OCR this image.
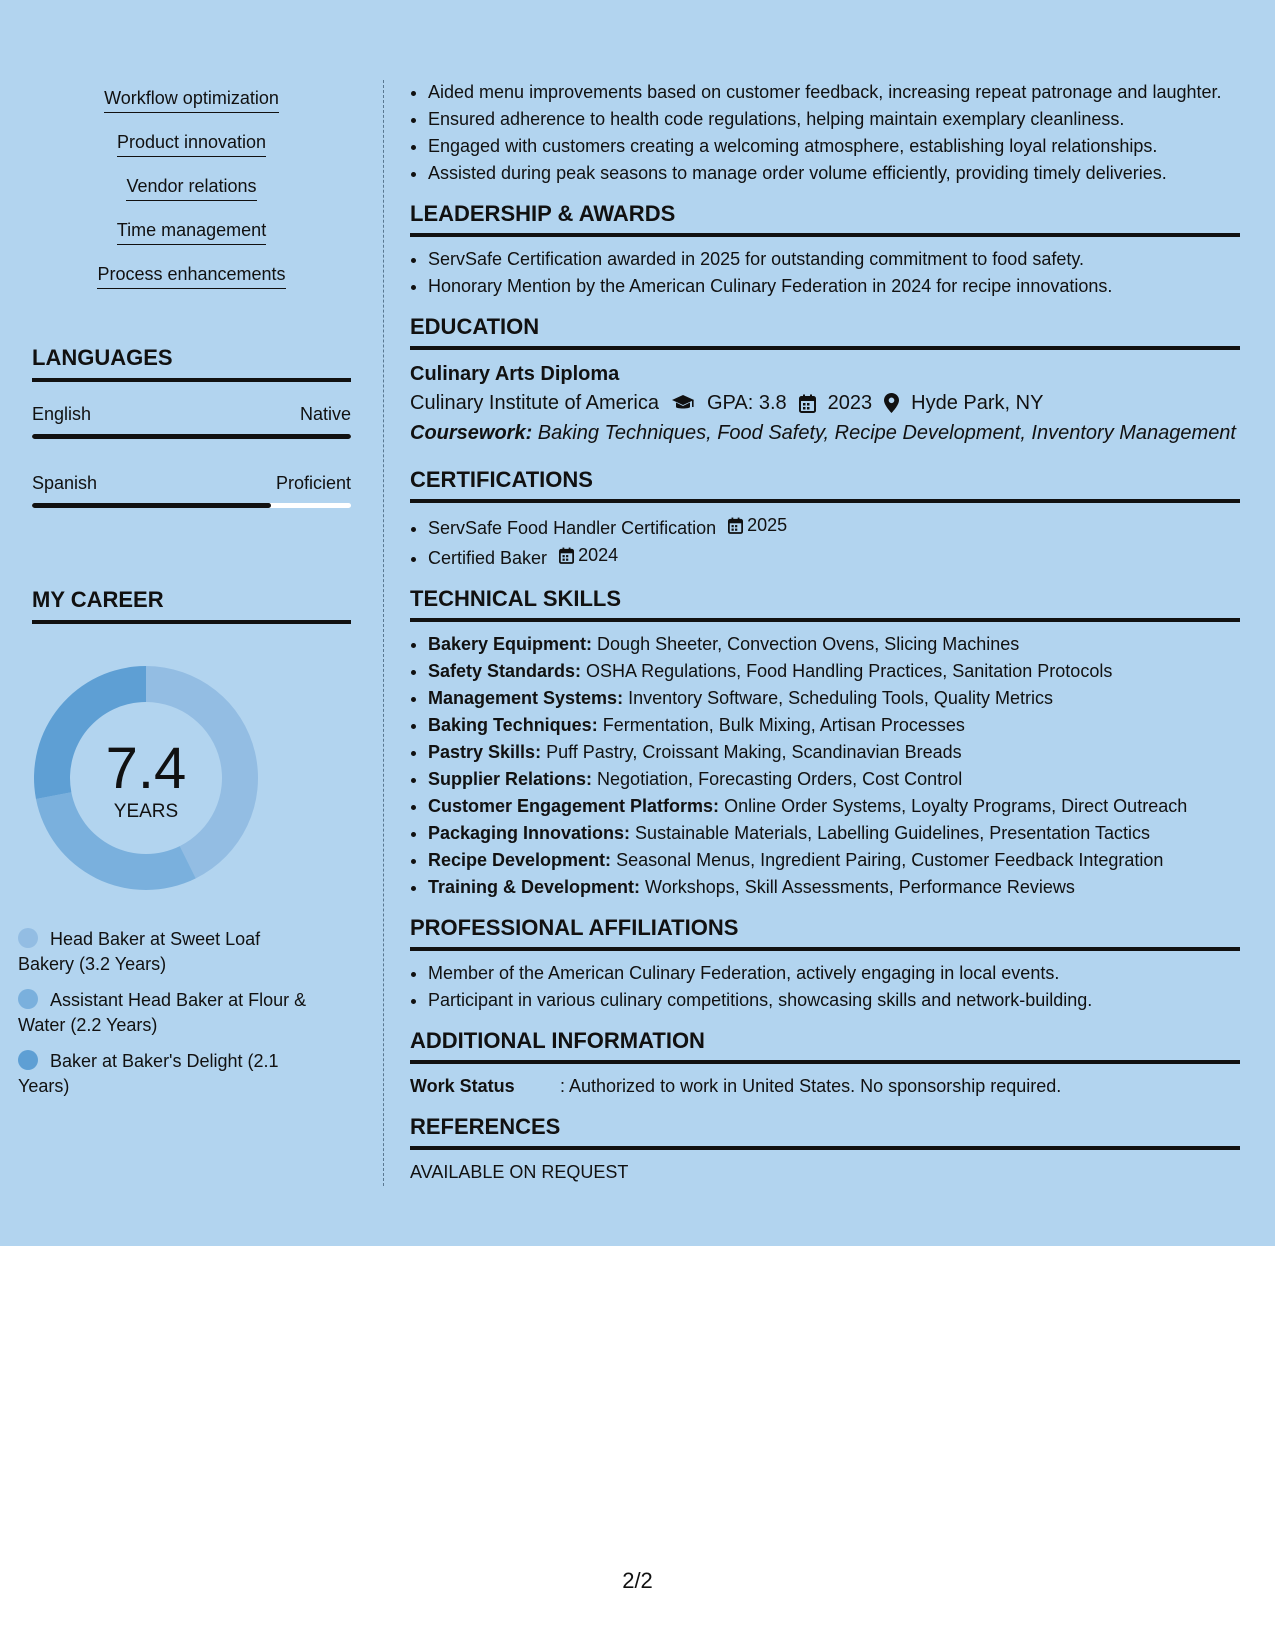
Workflow optimization
Product innovation
Vendor relations
Time management
Process enhancements
LANGUAGES
English	Native
Spanish	Proficient
MY CAREER
7.4
YEARS
Head Baker at Sweet Loaf Bakery (3.2 Years)
Assistant Head Baker at Flour & Water (2.2 Years)
Baker at Baker's Delight (2.1 Years)
• Aided menu improvements based on customer feedback, increasing repeat patronage and laughter.
• Ensured adherence to health code regulations, helping maintain exemplary cleanliness.
• Engaged with customers creating a welcoming atmosphere, establishing loyal relationships.
• Assisted during peak seasons to manage order volume efficiently, providing timely deliveries.
LEADERSHIP & AWARDS
• ServSafe Certification awarded in 2025 for outstanding commitment to food safety.
• Honorary Mention by the American Culinary Federation in 2024 for recipe innovations.
EDUCATION
Culinary Arts Diploma
Culinary Institute of America GPA: 3.8 2023 Hyde Park, NY
Coursework: Baking Techniques, Food Safety, Recipe Development, Inventory Management
CERTIFICATIONS
• ServSafe Food Handler Certification 2025
• Certified Baker 2024
TECHNICAL SKILLS
• Bakery Equipment: Dough Sheeter, Convection Ovens, Slicing Machines
• Safety Standards: OSHA Regulations, Food Handling Practices, Sanitation Protocols
• Management Systems: Inventory Software, Scheduling Tools, Quality Metrics
• Baking Techniques: Fermentation, Bulk Mixing, Artisan Processes
• Pastry Skills: Puff Pastry, Croissant Making, Scandinavian Breads
• Supplier Relations: Negotiation, Forecasting Orders, Cost Control
• Customer Engagement Platforms: Online Order Systems, Loyalty Programs, Direct Outreach
• Packaging Innovations: Sustainable Materials, Labelling Guidelines, Presentation Tactics
• Recipe Development: Seasonal Menus, Ingredient Pairing, Customer Feedback Integration
• Training & Development: Workshops, Skill Assessments, Performance Reviews
PROFESSIONAL AFFILIATIONS
• Member of the American Culinary Federation, actively engaging in local events.
• Participant in various culinary competitions, showcasing skills and network-building.
ADDITIONAL INFORMATION
Work Status	: Authorized to work in United States. No sponsorship required.
REFERENCES
AVAILABLE ON REQUEST
2/2
